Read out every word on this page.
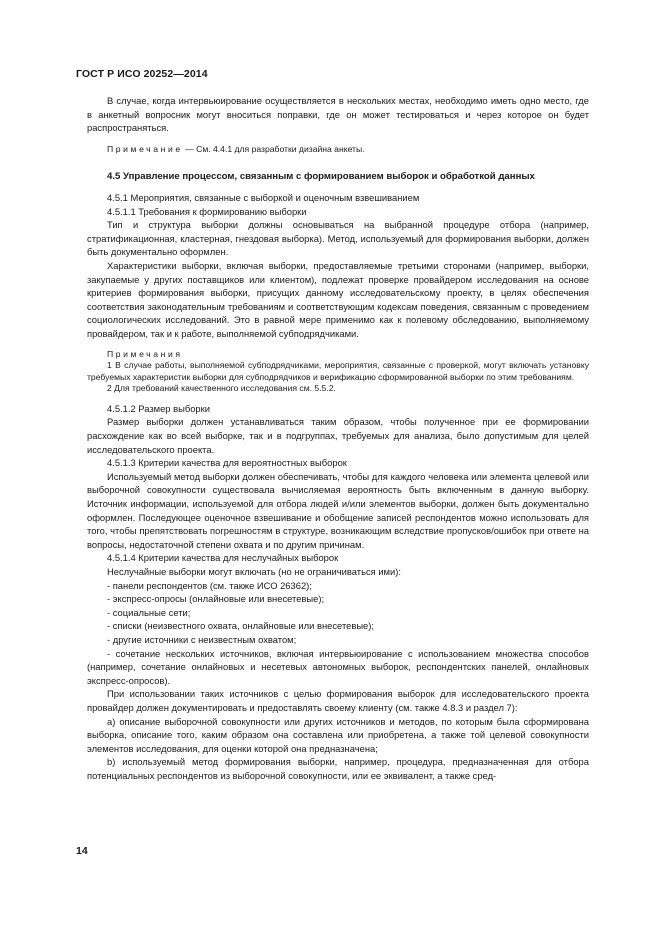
ГОСТ Р ИСО 20252—2014

В случае, когда интервьюирование осуществляется в нескольких местах, необходимо иметь одно место, где в анкетный вопросник могут вноситься поправки, где он может тестироваться и через которое он будет распространяться.

Примечание — См. 4.4.1 для разработки дизайна анкеты.

4.5 Управление процессом, связанным с формированием выборок и обработкой данных

4.5.1 Мероприятия, связанные с выборкой и оценочным взвешиванием

4.5.1.1 Требования к формированию выборки

Тип и структура выборки должны основываться на выбранной процедуре отбора (например, стратификационная, кластерная, гнездовая выборка). Метод, используемый для формирования выборки, должен быть документально оформлен.

Характеристики выборки, включая выборки, предоставляемые третьими сторонами (например, выборки, закупаемые у других поставщиков или клиентом), подлежат проверке провайдером исследования на основе критериев формирования выборки, присущих данному исследовательскому проекту, в целях обеспечения соответствия законодательным требованиям и соответствующим кодексам поведения, связанным с проведением социологических исследований. Это в равной мере применимо как к полевому обследованию, выполняемому провайдером, так и к работе, выполняемой субподрядчиками.

Примечания

1 В случае работы, выполняемой субподрядчиками, мероприятия, связанные с проверкой, могут включать установку требуемых характеристик выборки для субподрядчиков и верификацию сформированной выборки по этим требованиям.

2 Для требований качественного исследования см. 5.5.2.

4.5.1.2 Размер выборки

Размер выборки должен устанавливаться таким образом, чтобы полученное при ее формировании расхождение как во всей выборке, так и в подгруппах, требуемых для анализа, было допустимым для целей исследовательского проекта.

4.5.1.3 Критерии качества для вероятностных выборок

Используемый метод выборки должен обеспечивать, чтобы для каждого человека или элемента целевой или выборочной совокупности существовала вычисляемая вероятность быть включенным в данную выборку. Источник информации, используемой для отбора людей и/или элементов выборки, должен быть документально оформлен. Последующее оценочное взвешивание и обобщение записей респондентов можно использовать для того, чтобы препятствовать погрешностям в структуре, возникающим вследствие пропусков/ошибок при ответе на вопросы, недостаточной степени охвата и по другим причинам.

4.5.1.4 Критерии качества для неслучайных выборок

Неслучайные выборки могут включать (но не ограничиваться ими):

- панели респондентов (см. также ИСО 26362);

- экспресс-опросы (онлайновые или внесетевые);

- социальные сети;

- списки (неизвестного охвата, онлайновые или внесетевые);

- другие источники с неизвестным охватом;

- сочетание нескольких источников, включая интервьюирование с использованием множества способов (например, сочетание онлайновых и несетевых автономных выборок, респондентских панелей, онлайновых экспресс-опросов).

При использовании таких источников с целью формирования выборок для исследовательского проекта провайдер должен документировать и предоставлять своему клиенту (см. также 4.8.3 и раздел 7):

a) описание выборочной совокупности или других источников и методов, по которым была сформирована выборка, описание того, каким образом она составлена или приобретена, а также той целевой совокупности элементов исследования, для оценки которой она предназначена;

b) используемый метод формирования выборки, например, процедура, предназначенная для отбора потенциальных респондентов из выборочной совокупности, или ее эквивалент, а также сред-

14
